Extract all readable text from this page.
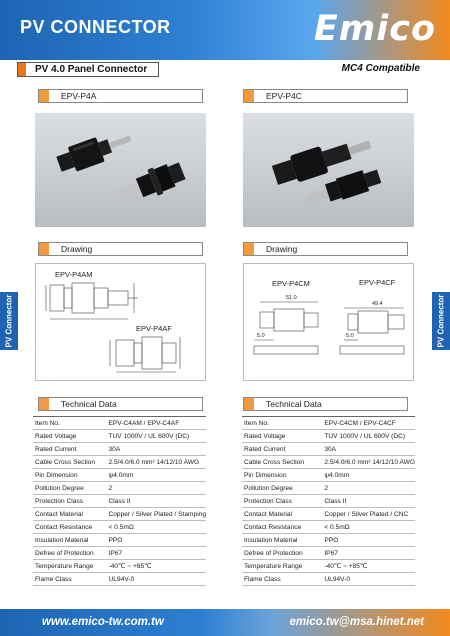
PV CONNECTOR	Emico
PV 4.0 Panel Connector	MC4 Compatible
EPV-P4A	EPV-P4C
Drawing	Drawing
EPV-P4AM
EPV-P4AF
EPV-P4CM	EPV-P4CF
51.0
49.4
5.0	5.0
PV Connector	PV Connector
Technical Data	Technical Data
Item No.	EPV-C4AM / EPV-C4AF
Rated Voltage	TUV 1000V / UL 600V (DC)
Rated Current	30A
Cable Cross Section	2.5/4.0/6.0 mm² 14/12/10 AWG
Pin Dimension	ψ4.0mm
Pollution Degree	2
Protection Class	Class II
Contact Material	Copper / Silver Plated / Stamping
Contact Resistance	< 0.5mΩ
Insulation Material	PPO
Defree of Protection	IP67
Temperature Range	-40℃ ~ +85℃
Flame Class	UL94V-0
Item No.	EPV-C4CM / EPV-C4CF
Rated Voltage	TUV 1000V / UL 600V (DC)
Rated Current	30A
Cable Cross Section	2.5/4.0/6.0 mm² 14/12/10 AWG
Pin Dimension	ψ4.0mm
Pollution Degree	2
Protection Class	Class II
Contact Material	Copper / Silver Plated / CNC
Contact Resistance	< 0.5mΩ
Insulation Material	PPO
Defree of Protection	IP67
Temperature Range	-40℃ ~ +85℃
Flame Class	UL94V-0
www.emico-tw.com.tw	emico.tw@msa.hinet.net
